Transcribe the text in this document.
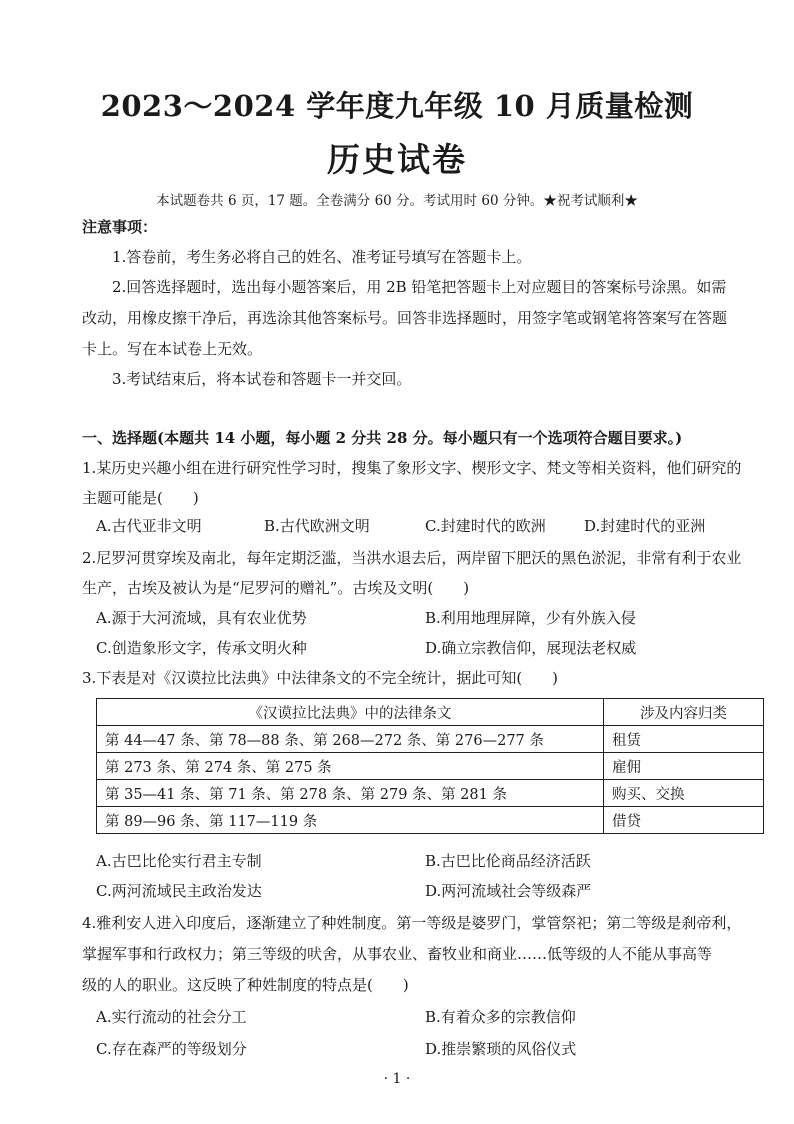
2023～2024 学年度九年级 10 月质量检测
历史试卷
本试题卷共 6 页，17 题。全卷满分 60 分。考试用时 60 分钟。★祝考试顺利★
注意事项：
1.答卷前，考生务必将自己的姓名、准考证号填写在答题卡上。
2.回答选择题时，选出每小题答案后，用 2B 铅笔把答题卡上对应题目的答案标号涂黑。如需
改动，用橡皮擦干净后，再选涂其他答案标号。回答非选择题时，用签字笔或钢笔将答案写在答题
卡上。写在本试卷上无效。
3.考试结束后，将本试卷和答题卡一并交回。
一、选择题(本题共 14 小题，每小题 2 分共 28 分。每小题只有一个选项符合题目要求。)
1.某历史兴趣小组在进行研究性学习时，搜集了象形文字、楔形文字、梵文等相关资料，他们研究的
主题可能是(　　)
A.古代亚非文明	B.古代欧洲文明	C.封建时代的欧洲	D.封建时代的亚洲
2.尼罗河贯穿埃及南北，每年定期泛滥，当洪水退去后，两岸留下肥沃的黑色淤泥，非常有利于农业
生产，古埃及被认为是“尼罗河的赠礼”。古埃及文明(　　)
A.源于大河流域，具有农业优势	B.利用地理屏障，少有外族入侵
C.创造象形文字，传承文明火种	D.确立宗教信仰，展现法老权威
3.下表是对《汉谟拉比法典》中法律条文的不完全统计，据此可知(　　)
《汉谟拉比法典》中的法律条文	涉及内容归类
第 44—47 条、第 78—88 条、第 268—272 条、第 276—277 条	租赁
第 273 条、第 274 条、第 275 条	雇佣
第 35—41 条、第 71 条、第 278 条、第 279 条、第 281 条	购买、交换
第 89—96 条、第 117—119 条	借贷
A.古巴比伦实行君主专制	B.古巴比伦商品经济活跃
C.两河流域民主政治发达	D.两河流域社会等级森严
4.雅利安人进入印度后，逐渐建立了种姓制度。第一等级是婆罗门，掌管祭祀；第二等级是刹帝利，
掌握军事和行政权力；第三等级的吠舍，从事农业、畜牧业和商业……低等级的人不能从事高等
级的人的职业。这反映了种姓制度的特点是(　　)
A.实行流动的社会分工	B.有着众多的宗教信仰
C.存在森严的等级划分	D.推崇繁琐的风俗仪式
· 1 ·
